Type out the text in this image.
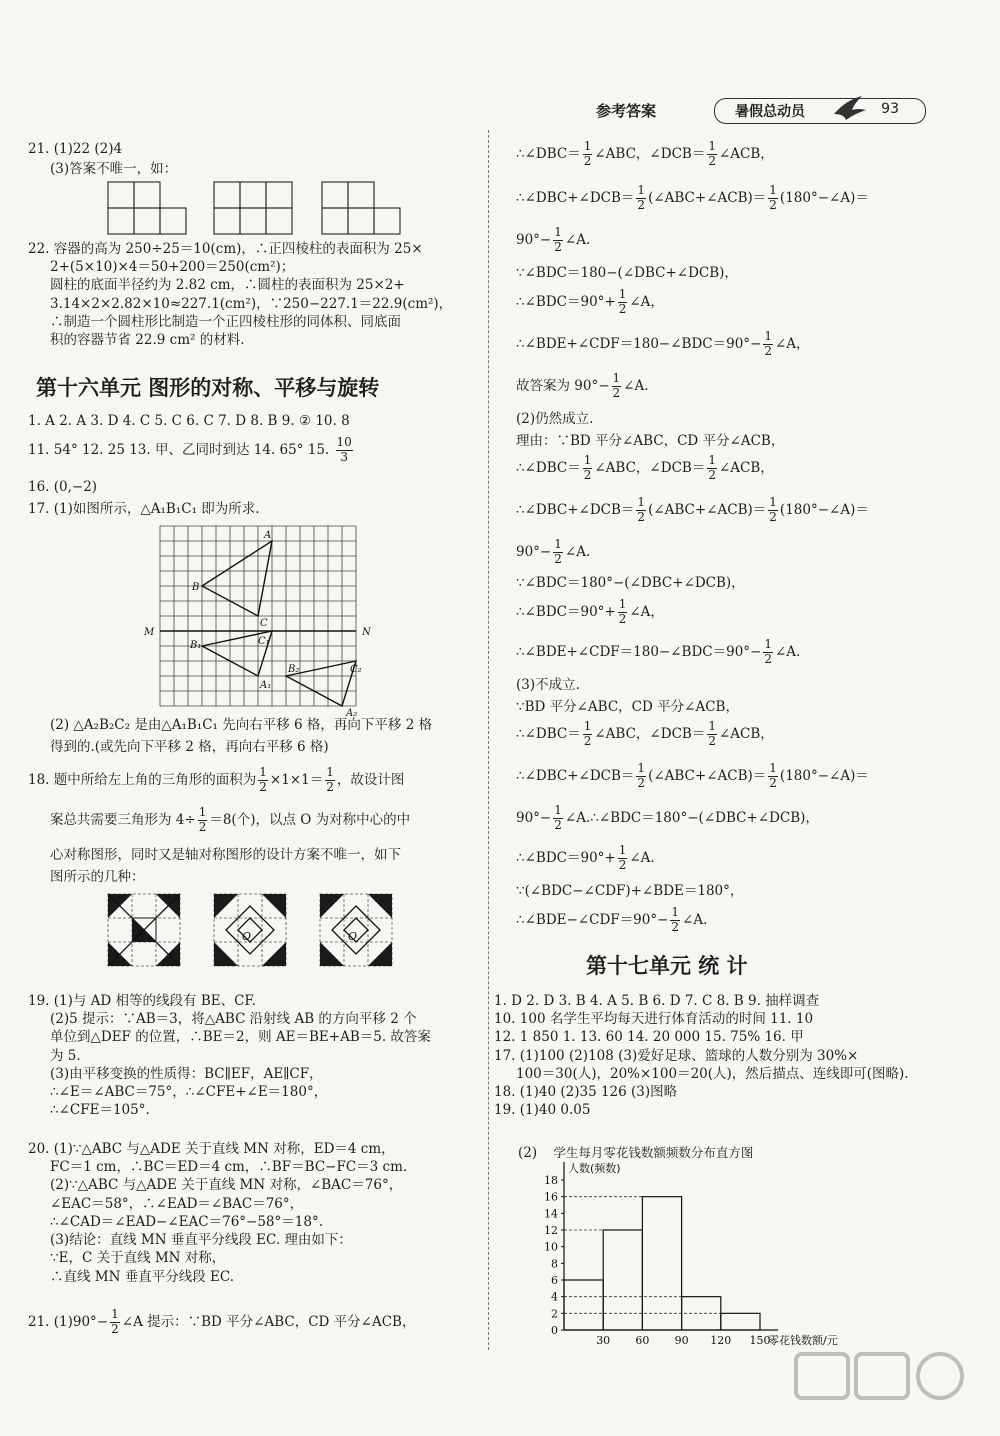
参考答案	暑假总动员	93

21. (1)22 (2)4

(3)答案不唯一，如：

22. 容器的高为 250÷25＝10(cm)，∴正四棱柱的表面积为 25×

2+(5×10)×4＝50+200＝250(cm²)；

圆柱的底面半径约为 2.82 cm，∴圆柱的表面积为 25×2+

3.14×2×2.82×10≈227.1(cm²)，∵250−227.1＝22.9(cm²)，

∴制造一个圆柱形比制造一个正四棱柱形的同体积、同底面

积的容器节省 22.9 cm² 的材料.

第十六单元 图形的对称、平移与旋转

1. A 2. A 3. D 4. C 5. C 6. C 7. D 8. B 9. ② 10. 8

11. 54° 12. 25 13. 甲、乙同时到达 14. 65° 15. $\frac{10}{3}$

16. (0,−2)

17. (1)如图所示，△A₁B₁C₁ 即为所求.

A
B
C
C₁
B₁
A₁
B₂	C₂
A₂
M	N

(2) △A₂B₂C₂ 是由△A₁B₁C₁ 先向右平移 6 格，再向下平移 2 格

得到的.(或先向下平移 2 格，再向右平移 6 格)

18. 题中所给左上角的三角形的面积为 $\frac{1}{2} \times 1\times 1= \frac{1}{2}$ ，故设计图

案总共需要三角形为 $4\div \frac{1}{2} =8$(个)，以点 O 为对称中心的中

心对称图形，同时又是轴对称图形的设计方案不唯一，如下

图所示的几种：

O	O	O

19. (1)与 AD 相等的线段有 BE、CF.

(2)5 提示：∵AB＝3，将△ABC 沿射线 AB 的方向平移 2 个

单位到△DEF 的位置，∴BE＝2，则 AE＝BE+AB＝5. 故答案

为 5.

(3)由平移变换的性质得：BC∥EF，AE∥CF，

∴∠E＝∠ABC＝75°，∴∠CFE+∠E＝180°，

∴∠CFE＝105°.

20. (1)∵△ABC 与△ADE 关于直线 MN 对称，ED＝4 cm，

FC＝1 cm，∴BC＝ED＝4 cm，∴BF＝BC−FC＝3 cm.

(2)∵△ABC 与△ADE 关于直线 MN 对称，∠BAC＝76°，

∠EAC＝58°，∴∠EAD＝∠BAC＝76°，

∴∠CAD＝∠EAD−∠EAC＝76°−58°＝18°.

(3)结论：直线 MN 垂直平分线段 EC. 理由如下：

∵E，C 关于直线 MN 对称，

∴直线 MN 垂直平分线段 EC.

21. $(1)90^\circ- \frac{1}{2}$ ∠A 提示：∵BD 平分∠ABC，CD 平分∠ACB，

∴∠DBC＝ $\frac{1}{2}$ ∠ABC，∠DCB＝ $\frac{1}{2}$ ∠ACB，

∴∠DBC+∠DCB＝ $\frac{1}{2}$ (∠ABC+∠ACB)＝ $\frac{1}{2}$ (180°−∠A)＝

$90^\circ- \frac{1}{2}$ ∠A.

∵∠BDC＝180−(∠DBC+∠DCB)，

∴∠BDC＝90°+ $\frac{1}{2}$ ∠A，

∴∠BDE+∠CDF＝180−∠BDC＝90°− $\frac{1}{2}$ ∠A，

故答案为 $90^\circ- \frac{1}{2}$ ∠A.

(2)仍然成立.

理由：∵BD 平分∠ABC，CD 平分∠ACB，

∴∠DBC＝ $\frac{1}{2}$ ∠ABC，∠DCB＝ $\frac{1}{2}$ ∠ACB，

∴∠DBC+∠DCB＝ $\frac{1}{2}$ (∠ABC+∠ACB)＝ $\frac{1}{2}$ (180°−∠A)＝

$90^\circ- \frac{1}{2}$ ∠A.

∵∠BDC＝180°−(∠DBC+∠DCB)，

∴∠BDC＝90°+ $\frac{1}{2}$ ∠A，

∴∠BDE+∠CDF＝180−∠BDC＝90°− $\frac{1}{2}$ ∠A.

(3)不成立.

∵BD 平分∠ABC，CD 平分∠ACB，

∴∠DBC＝ $\frac{1}{2}$ ∠ABC，∠DCB＝ $\frac{1}{2}$ ∠ACB，

∴∠DBC+∠DCB＝ $\frac{1}{2}$ (∠ABC+∠ACB)＝ $\frac{1}{2}$ (180°−∠A)＝

$90^\circ- \frac{1}{2}$ ∠A.∴∠BDC＝180°−(∠DBC+∠DCB)，

∴∠BDC＝90°+ $\frac{1}{2}$ ∠A.

∵(∠BDC−∠CDF)+∠BDE＝180°，

∴∠BDE−∠CDF＝90°− $\frac{1}{2}$ ∠A.

第十七单元 统 计

1. D 2. D 3. B 4. A 5. B 6. D 7. C 8. B 9. 抽样调查

10. 100 名学生平均每天进行体育活动的时间 11. 10

12. 1 850 1. 13. 60 14. 20 000 15. 75% 16. 甲

17. (1)100 (2)108 (3)爱好足球、篮球的人数分别为 30%×

100＝30(人)，20%×100＝20(人)，然后描点、连线即可(图略).

18. (1)40 (2)35 126 (3)图略

19. (1)40 0.05

(2) 学生每月零花钱数额频数分布直方图

人数(频数)
零花钱数额/元
0
2
4
6
8
10
12
14
16
18
30 60 90 120 150
